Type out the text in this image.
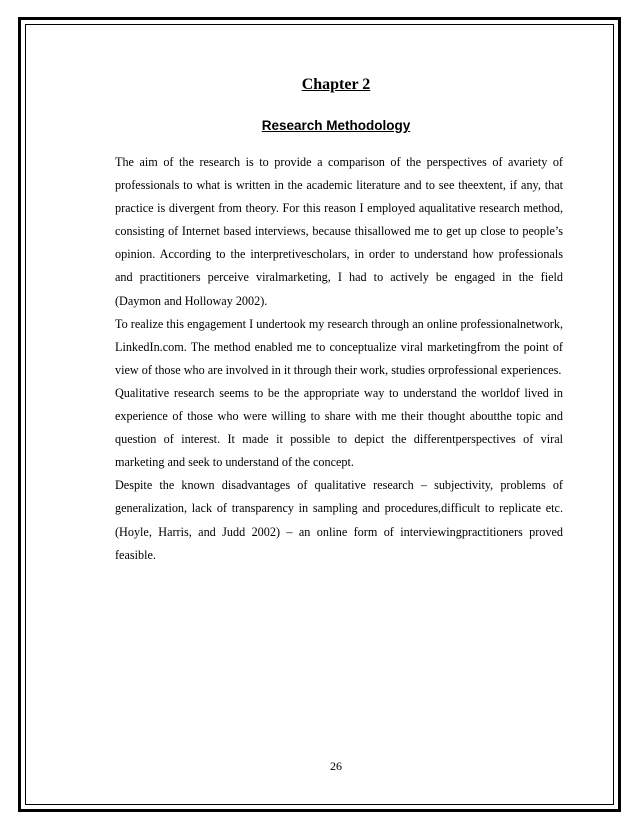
Chapter 2
Research Methodology

The aim of the research is to provide a comparison of the perspectives of avariety of professionals to what is written in the academic literature and to see theextent, if any, that practice is divergent from theory. For this reason I employed aqualitative research method, consisting of Internet based interviews, because thisallowed me to get up close to people’s opinion. According to the interpretivescholars, in order to understand how professionals and practitioners perceive viralmarketing, I had to actively be engaged in the field (Daymon and Holloway 2002).

To realize this engagement I undertook my research through an online professionalnetwork, LinkedIn.com. The method enabled me to conceptualize viral marketingfrom the point of view of those who are involved in it through their work, studies orprofessional experiences.

Qualitative research seems to be the appropriate way to understand the worldof lived in experience of those who were willing to share with me their thought aboutthe topic and question of interest. It made it possible to depict the differentperspectives of viral marketing and seek to understand of the concept.

Despite the known disadvantages of qualitative research – subjectivity, problems of generalization, lack of transparency in sampling and procedures,difficult to replicate etc. (Hoyle, Harris, and Judd 2002) – an online form of interviewingpractitioners proved feasible.

26
